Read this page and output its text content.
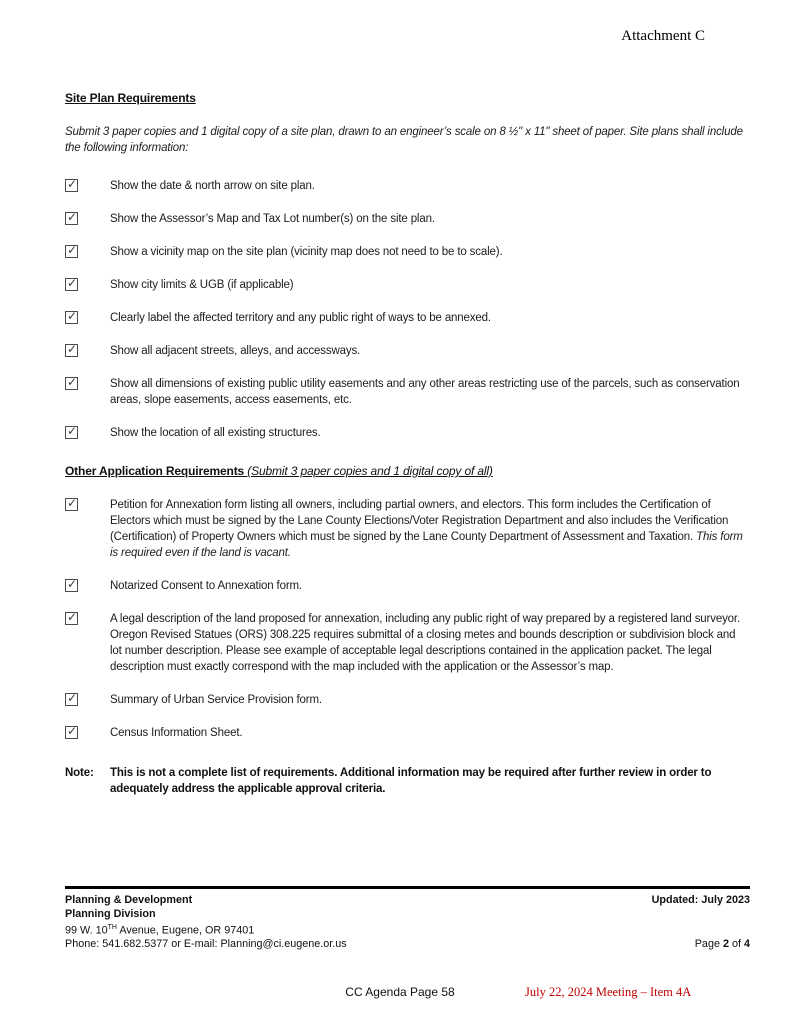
Attachment C
Site Plan Requirements

Submit 3 paper copies and 1 digital copy of a site plan, drawn to an engineer’s scale on 8 ½" x 11" sheet of paper. Site plans shall include the following information:

✓	Show the date & north arrow on site plan.
✓	Show the Assessor’s Map and Tax Lot number(s) on the site plan.
✓	Show a vicinity map on the site plan (vicinity map does not need to be to scale).
✓	Show city limits & UGB (if applicable)
✓	Clearly label the affected territory and any public right of ways to be annexed.
✓	Show all adjacent streets, alleys, and accessways.
✓	Show all dimensions of existing public utility easements and any other areas restricting use of the parcels, such as conservation areas, slope easements, access easements, etc.
✓	Show the location of all existing structures.
Other Application Requirements (Submit 3 paper copies and 1 digital copy of all)
✓	Petition for Annexation form listing all owners, including partial owners, and electors. This form includes the Certification of Electors which must be signed by the Lane County Elections/Voter Registration Department and also includes the Verification (Certification) of Property Owners which must be signed by the Lane County Department of Assessment and Taxation. This form is required even if the land is vacant.
✓	Notarized Consent to Annexation form.
✓	A legal description of the land proposed for annexation, including any public right of way prepared by a registered land surveyor. Oregon Revised Statues (ORS) 308.225 requires submittal of a closing metes and bounds description or subdivision block and lot number description. Please see example of acceptable legal descriptions contained in the application packet. The legal description must exactly correspond with the map included with the application or the Assessor’s map.
✓	Summary of Urban Service Provision form.
✓	Census Information Sheet.
Note:	This is not a complete list of requirements. Additional information may be required after further review in order to adequately address the applicable approval criteria.
Planning & Development
Planning Division
99 W. 10TH Avenue, Eugene, OR 97401
Phone: 541.682.5377 or E-mail: Planning@ci.eugene.or.us
Updated: July 2023
Page 2 of 4
CC Agenda Page 58	July 22, 2024 Meeting – Item 4A
